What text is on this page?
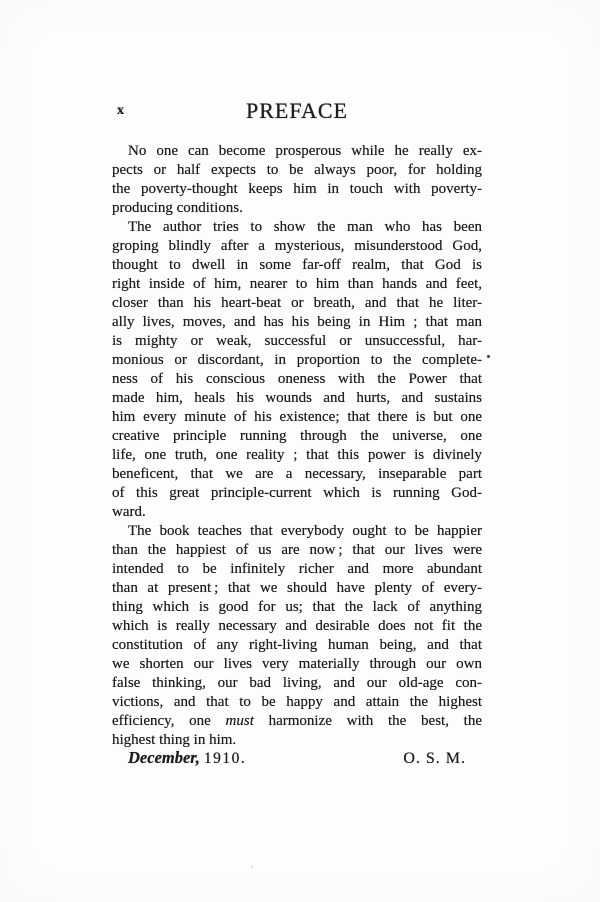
x	PREFACE
No one can become prosperous while he really ex-
pects or half expects to be always poor, for holding
the poverty-thought keeps him in touch with poverty-
producing conditions.
The author tries to show the man who has been
groping blindly after a mysterious, misunderstood God,
thought to dwell in some far-off realm, that God is
right inside of him, nearer to him than hands and feet,
closer than his heart-beat or breath, and that he liter-
ally lives, moves, and has his being in Him ; that man
is mighty or weak, successful or unsuccessful, har-
monious or discordant, in proportion to the complete-
ness of his conscious oneness with the Power that
made him, heals his wounds and hurts, and sustains
him every minute of his existence; that there is but one
creative principle running through the universe, one
life, one truth, one reality ; that this power is divinely
beneficent, that we are a necessary, inseparable part
of this great principle-current which is running God-
ward.
The book teaches that everybody ought to be happier
than the happiest of us are now ; that our lives were
intended to be infinitely richer and more abundant
than at present ; that we should have plenty of every-
thing which is good for us; that the lack of anything
which is really necessary and desirable does not fit the
constitution of any right-living human being, and that
we shorten our lives very materially through our own
false thinking, our bad living, and our old-age con-
victions, and that to be happy and attain the highest
efficiency, one must harmonize with the best, the
highest thing in him.
December, 1910.	O. S. M.
